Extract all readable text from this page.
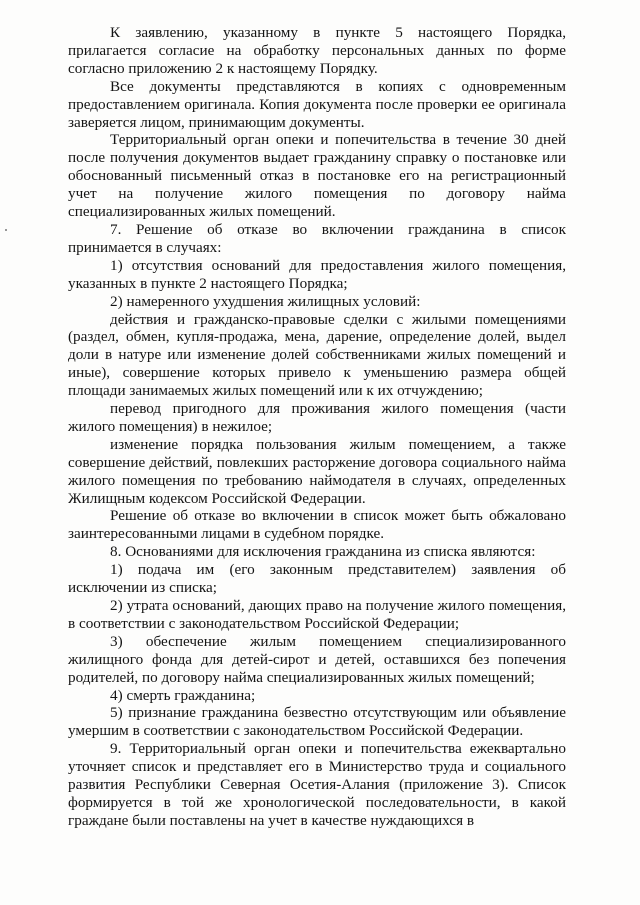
К заявлению, указанному в пункте 5 настоящего Порядка, прилагается согласие на обработку персональных данных по форме согласно приложению 2 к настоящему Порядку.

Все документы представляются в копиях с одновременным предоставлением оригинала. Копия документа после проверки ее оригинала заверяется лицом, принимающим документы.

Территориальный орган опеки и попечительства в течение 30 дней после получения документов выдает гражданину справку о постановке или обоснованный письменный отказ в постановке его на регистрационный учет на получение жилого помещения по договору найма специализированных жилых помещений.

7. Решение об отказе во включении гражданина в список принимается в случаях:

1) отсутствия оснований для предоставления жилого помещения, указанных в пункте 2 настоящего Порядка;

2) намеренного ухудшения жилищных условий:

действия и гражданско-правовые сделки с жилыми помещениями (раздел, обмен, купля-продажа, мена, дарение, определение долей, выдел доли в натуре или изменение долей собственниками жилых помещений и иные), совершение которых привело к уменьшению размера общей площади занимаемых жилых помещений или к их отчуждению;

перевод пригодного для проживания жилого помещения (части жилого помещения) в нежилое;

изменение порядка пользования жилым помещением, а также совершение действий, повлекших расторжение договора социального найма жилого помещения по требованию наймодателя в случаях, определенных Жилищным кодексом Российской Федерации.

Решение об отказе во включении в список может быть обжаловано заинтересованными лицами в судебном порядке.

8. Основаниями для исключения гражданина из списка являются:

1) подача им (его законным представителем) заявления об исключении из списка;

2) утрата оснований, дающих право на получение жилого помещения, в соответствии с законодательством Российской Федерации;

3) обеспечение жилым помещением специализированного жилищного фонда для детей-сирот и детей, оставшихся без попечения родителей, по договору найма специализированных жилых помещений;

4) смерть гражданина;

5) признание гражданина безвестно отсутствующим или объявление умершим в соответствии с законодательством Российской Федерации.

9. Территориальный орган опеки и попечительства ежеквартально уточняет список и представляет его в Министерство труда и социального развития Республики Северная Осетия-Алания (приложение 3). Список формируется в той же хронологической последовательности, в какой граждане были поставлены на учет в качестве нуждающихся в
